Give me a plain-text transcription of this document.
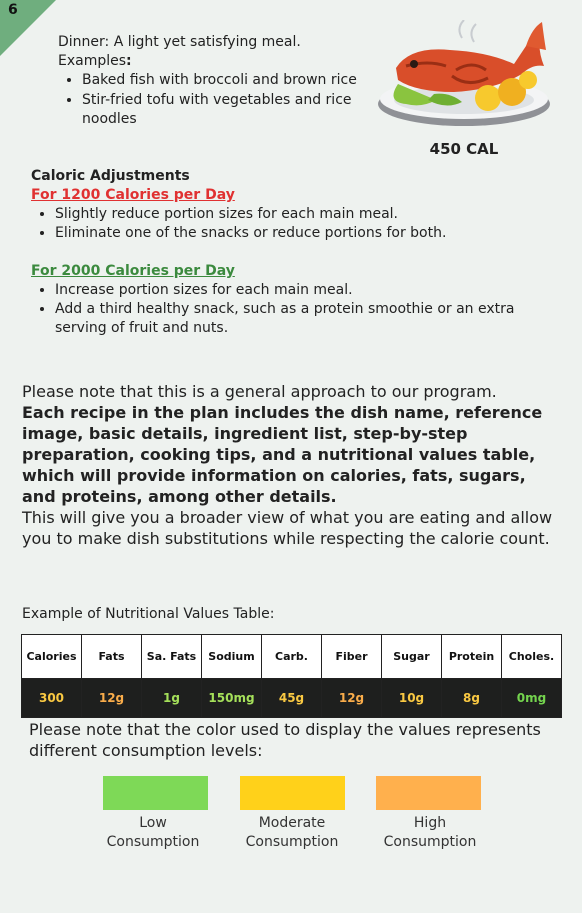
6

Dinner: A light yet satisfying meal.

Examples:

• Baked fish with broccoli and brown rice
• Stir-fried tofu with vegetables and rice noodles
450 CAL
Caloric Adjustments
For 1200 Calories per Day
• Slightly reduce portion sizes for each main meal.
• Eliminate one of the snacks or reduce portions for both.
For 2000 Calories per Day
• Increase portion sizes for each main meal.
• Add a third healthy snack, such as a protein smoothie or an extra serving of fruit and nuts.

Please note that this is a general approach to our program.

Each recipe in the plan includes the dish name, reference image, basic details, ingredient list, step-by-step preparation, cooking tips, and a nutritional values table, which will provide information on calories, fats, sugars, and proteins, among other details.

This will give you a broader view of what you are eating and allow you to make dish substitutions while respecting the calorie count.

Example of Nutritional Values Table:
Calories	Fats	Sa. Fats	Sodium	Carb.	Fiber	Sugar	Protein	Choles.
300	12g	1g	150mg	45g	12g	10g	8g	0mg
Please note that the color used to display the values represents different consumption levels:
Low
Consumption
Moderate
Consumption
High
Consumption
